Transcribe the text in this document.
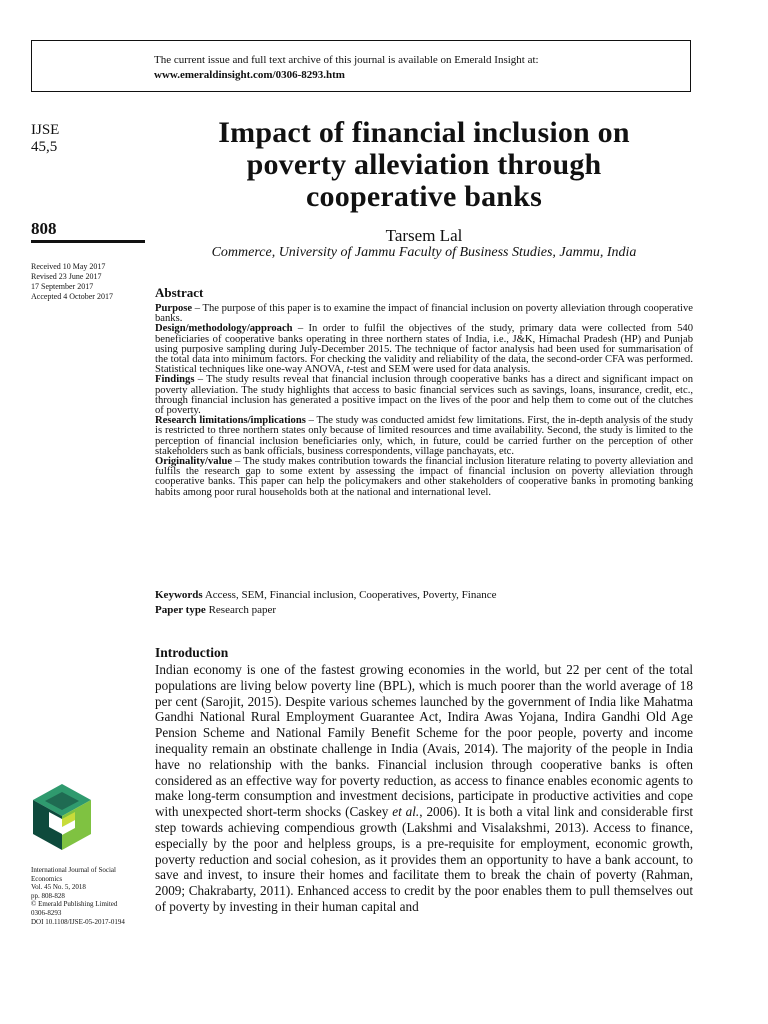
The current issue and full text archive of this journal is available on Emerald Insight at:
www.emeraldinsight.com/0306-8293.htm
IJSE
45,5
808
Received 10 May 2017
Revised 23 June 2017
17 September 2017
Accepted 4 October 2017
International Journal of Social
Economics
Vol. 45 No. 5, 2018
pp. 808-828
© Emerald Publishing Limited
0306-8293
DOI 10.1108/IJSE-05-2017-0194
Impact of financial inclusion on
poverty alleviation through
cooperative banks
Tarsem Lal
Commerce, University of Jammu Faculty of Business Studies, Jammu, India
Abstract

Purpose – The purpose of this paper is to examine the impact of financial inclusion on poverty alleviation through cooperative banks.

Design/methodology/approach – In order to fulfil the objectives of the study, primary data were collected from 540 beneficiaries of cooperative banks operating in three northern states of India, i.e., J&K, Himachal Pradesh (HP) and Punjab using purposive sampling during July-December 2015. The technique of factor analysis had been used for summarisation of the total data into minimum factors. For checking the validity and reliability of the data, the second-order CFA was performed. Statistical techniques like one-way ANOVA, t-test and SEM were used for data analysis.

Findings – The study results reveal that financial inclusion through cooperative banks has a direct and significant impact on poverty alleviation. The study highlights that access to basic financial services such as savings, loans, insurance, credit, etc., through financial inclusion has generated a positive impact on the lives of the poor and help them to come out of the clutches of poverty.

Research limitations/implications – The study was conducted amidst few limitations. First, the in-depth analysis of the study is restricted to three northern states only because of limited resources and time availability. Second, the study is limited to the perception of financial inclusion beneficiaries only, which, in future, could be carried further on the perception of other stakeholders such as bank officials, business correspondents, village panchayats, etc.

Originality/value – The study makes contribution towards the financial inclusion literature relating to poverty alleviation and fulfils the research gap to some extent by assessing the impact of financial inclusion on poverty alleviation through cooperative banks. This paper can help the policymakers and other stakeholders of cooperative banks in promoting banking habits among poor rural households both at the national and international level.

Keywords Access, SEM, Financial inclusion, Cooperatives, Poverty, Finance
Paper type Research paper
Introduction

Indian economy is one of the fastest growing economies in the world, but 22 per cent of the total populations are living below poverty line (BPL), which is much poorer than the world average of 18 per cent (Sarojit, 2015). Despite various schemes launched by the government of India like Mahatma Gandhi National Rural Employment Guarantee Act, Indira Awas Yojana, Indira Gandhi Old Age Pension Scheme and National Family Benefit Scheme for the poor people, poverty and income inequality remain an obstinate challenge in India (Avais, 2014). The majority of the people in India have no relationship with the banks. Financial inclusion through cooperative banks is often considered as an effective way for poverty reduction, as access to finance enables economic agents to make long-term consumption and investment decisions, participate in productive activities and cope with unexpected short-term shocks (Caskey et al., 2006). It is both a vital link and considerable first step towards achieving compendious growth (Lakshmi and Visalakshmi, 2013). Access to finance, especially by the poor and helpless groups, is a pre-requisite for employment, economic growth, poverty reduction and social cohesion, as it provides them an opportunity to have a bank account, to save and invest, to insure their homes and facilitate them to break the chain of poverty (Rahman, 2009; Chakrabarty, 2011). Enhanced access to credit by the poor enables them to pull themselves out of poverty by investing in their human capital and
